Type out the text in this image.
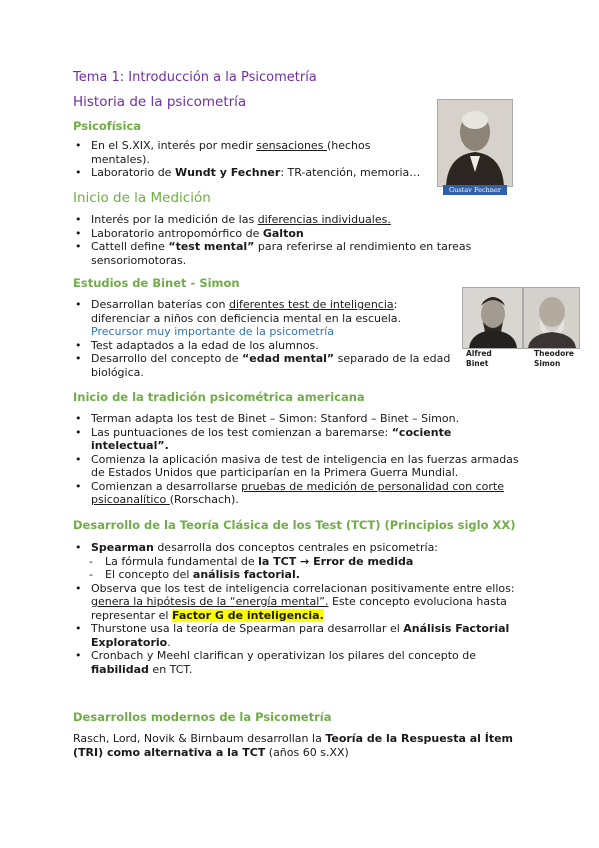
Tema 1: Introducción a la Psicometría
Historia de la psicometría
Psicofísica
• En el S.XIX, interés por medir sensaciones (hechos
mentales).
• Laboratorio de Wundt y Fechner: TR-atención, memoria…
Gustav Fechner
Inicio de la Medición
• Interés por la medición de las diferencias individuales.
• Laboratorio antropomórfico de Galton
• Cattell define “test mental” para referirse al rendimiento en tareas
sensoriomotoras.
Estudios de Binet - Simon
• Desarrollan baterías con diferentes test de inteligencia:
diferenciar a niños con deficiencia mental en la escuela.
Precursor muy importante de la psicometría
• Test adaptados a la edad de los alumnos.
• Desarrollo del concepto de “edad mental” separado de la edad
biológica.
Alfred
Binet
Theodore
Simon
Inicio de la tradición psicométrica americana
• Terman adapta los test de Binet – Simon: Stanford – Binet – Simon.
• Las puntuaciones de los test comienzan a baremarse: “cociente
intelectual”.
• Comienza la aplicación masiva de test de inteligencia en las fuerzas armadas
de Estados Unidos que participarían en la Primera Guerra Mundial.
• Comienzan a desarrollarse pruebas de medición de personalidad con corte
psicoanalítico (Rorschach).
Desarrollo de la Teoría Clásica de los Test (TCT) (Principios siglo XX)
• Spearman desarrolla dos conceptos centrales en psicometría:
- La fórmula fundamental de la TCT → Error de medida
- El concepto del análisis factorial.
• Observa que los test de inteligencia correlacionan positivamente entre ellos:
genera la hipótesis de la “energía mental”. Este concepto evoluciona hasta
representar el Factor G de inteligencia.
• Thurstone usa la teoría de Spearman para desarrollar el Análisis Factorial
Exploratorio.
• Cronbach y Meehl clarifican y operativizan los pilares del concepto de
fiabilidad en TCT.
Desarrollos modernos de la Psicometría
Rasch, Lord, Novik & Birnbaum desarrollan la Teoría de la Respuesta al Ítem
(TRI) como alternativa a la TCT (años 60 s.XX)
